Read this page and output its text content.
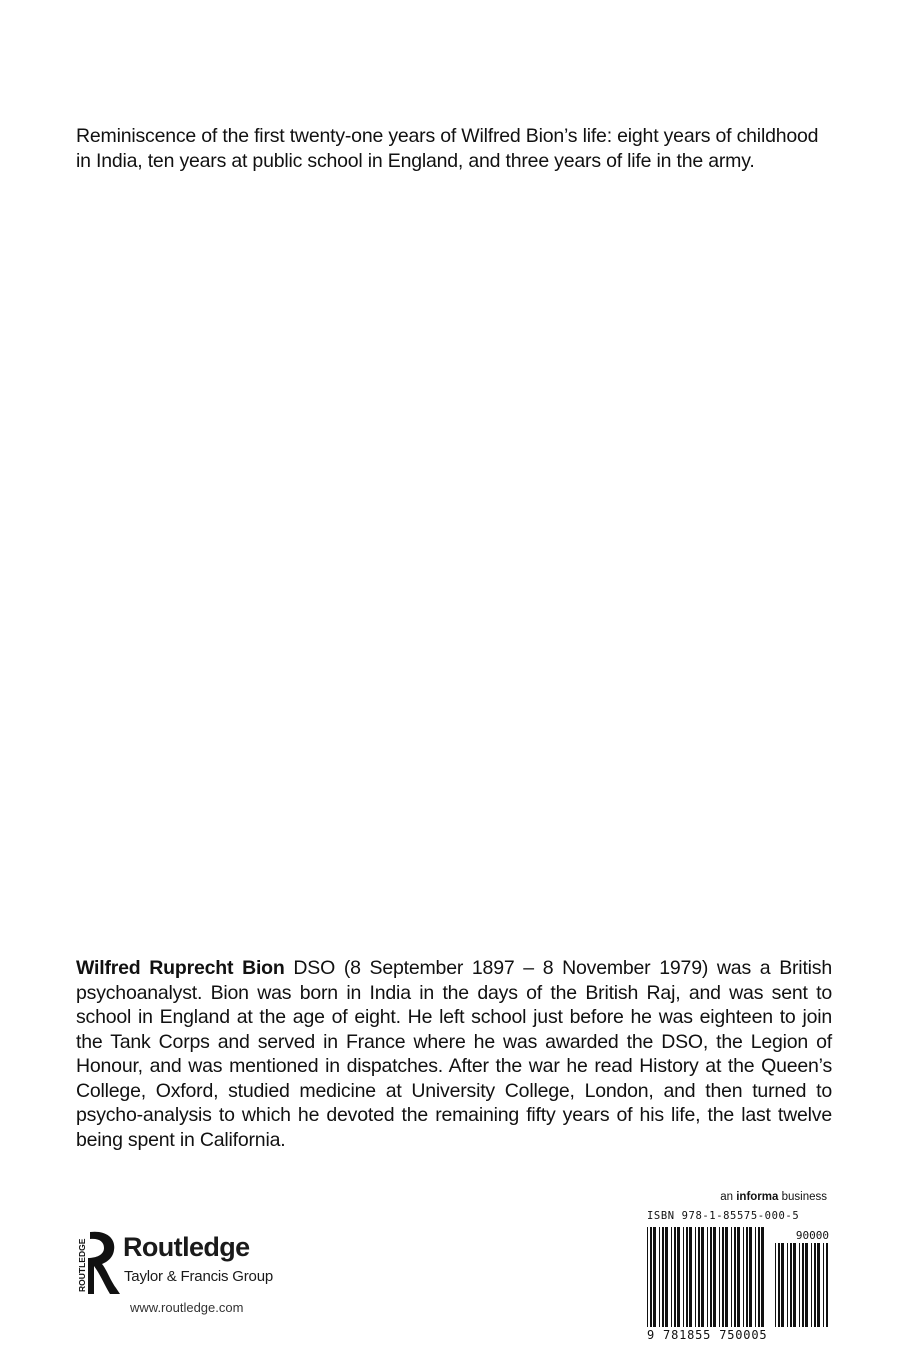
Reminiscence of the first twenty-one years of Wilfred Bion’s life: eight years of childhood in India, ten years at public school in England, and three years of life in the army.

Wilfred Ruprecht Bion DSO (8 September 1897 – 8 November 1979) was a British psychoanalyst. Bion was born in India in the days of the British Raj, and was sent to school in England at the age of eight. He left school just before he was eighteen to join the Tank Corps and served in France where he was awarded the DSO, the Legion of Honour, and was mentioned in dispatches. After the war he read History at the Queen’s College, Oxford, studied medicine at University College, London, and then turned to psycho-analysis to which he devoted the remaining fifty years of his life, the last twelve being spent in California.

ROUTLEDGE Routledge
Taylor & Francis Group
www.routledge.com
an informa business
ISBN 978-1-85575-000-5
90000
9 781855 750005
